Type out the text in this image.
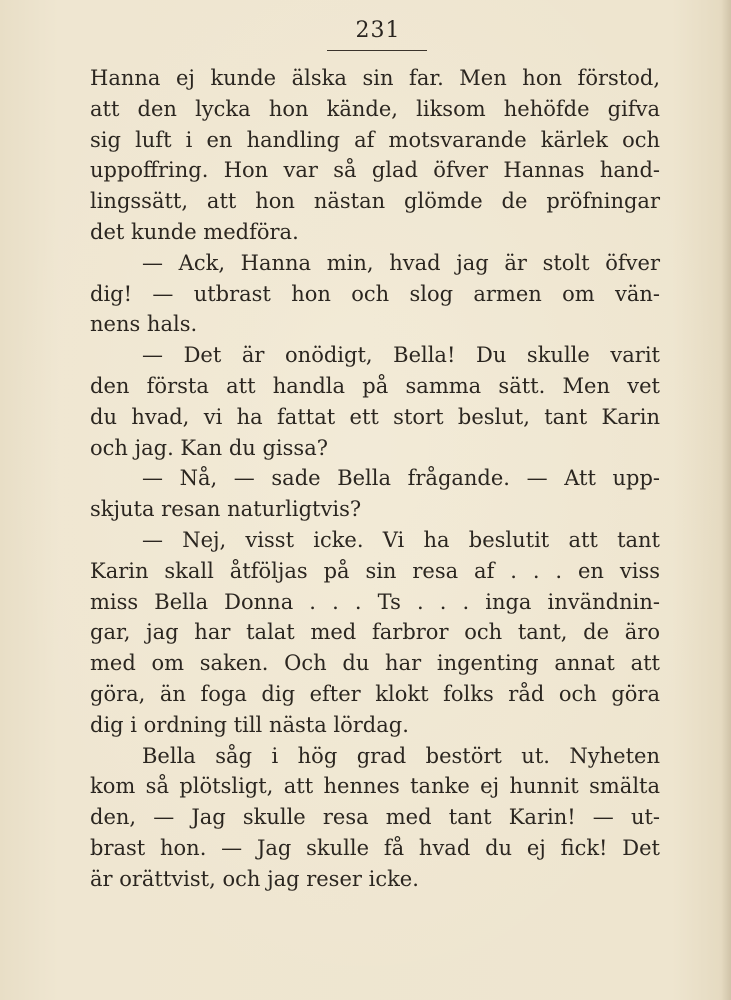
231
Hanna ej kunde älska sin far. Men hon förstod,
att den lycka hon kände, liksom hehöfde gifva
sig luft i en handling af motsvarande kärlek och
uppoffring. Hon var så glad öfver Hannas hand-
lingssätt, att hon nästan glömde de pröfningar
det kunde medföra.
— Ack, Hanna min, hvad jag är stolt öfver
dig! — utbrast hon och slog armen om vän-
nens hals.
— Det är onödigt, Bella! Du skulle varit
den första att handla på samma sätt. Men vet
du hvad, vi ha fattat ett stort beslut, tant Karin
och jag. Kan du gissa?
— Nå, — sade Bella frågande. — Att upp-
skjuta resan naturligtvis?
— Nej, visst icke. Vi ha beslutit att tant
Karin skall åtföljas på sin resa af . . . en viss
miss Bella Donna . . . Ts . . . inga invändnin-
gar, jag har talat med farbror och tant, de äro
med om saken. Och du har ingenting annat att
göra, än foga dig efter klokt folks råd och göra
dig i ordning till nästa lördag.
Bella såg i hög grad bestört ut. Nyheten
kom så plötsligt, att hennes tanke ej hunnit smälta
den, — Jag skulle resa med tant Karin! — ut-
brast hon. — Jag skulle få hvad du ej fick! Det
är orättvist, och jag reser icke.
